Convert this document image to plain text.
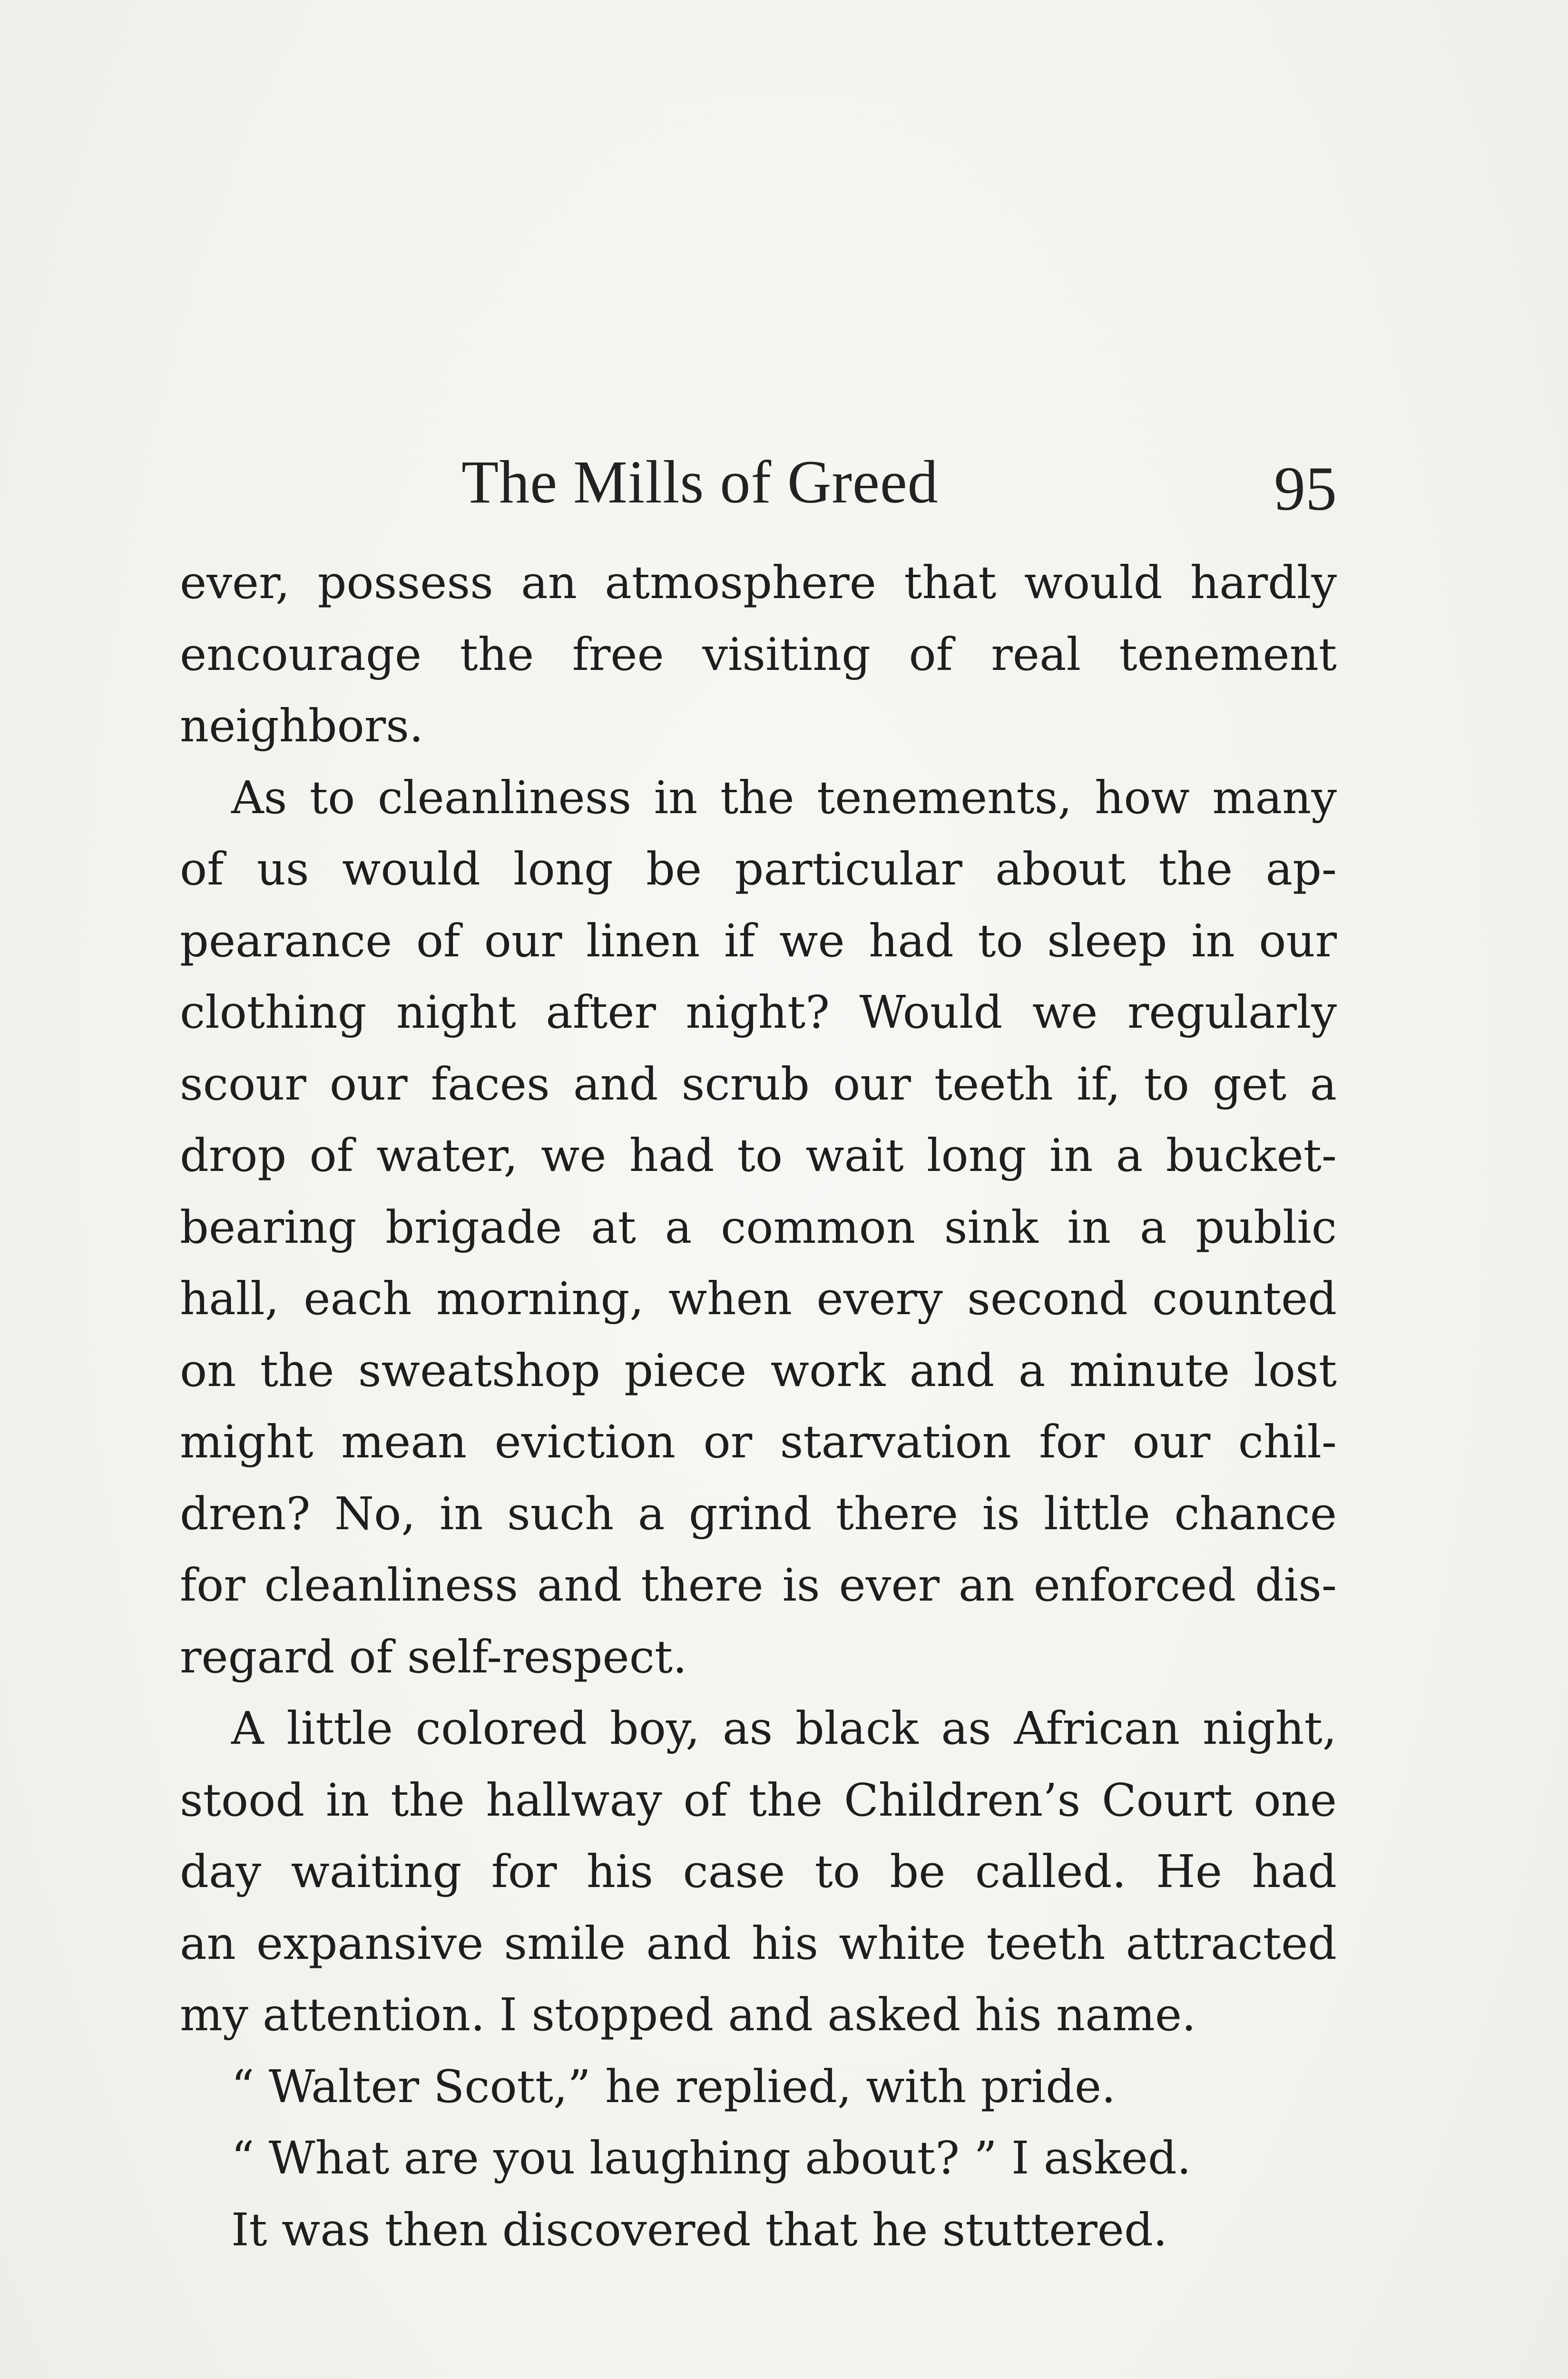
The Mills of Greed	95
ever, possess an atmosphere that would hardly
encourage the free visiting of real tenement
neighbors.
As to cleanliness in the tenements, how many
of us would long be particular about the ap-
pearance of our linen if we had to sleep in our
clothing night after night? Would we regularly
scour our faces and scrub our teeth if, to get a
drop of water, we had to wait long in a bucket-
bearing brigade at a common sink in a public
hall, each morning, when every second counted
on the sweatshop piece work and a minute lost
might mean eviction or starvation for our chil-
dren? No, in such a grind there is little chance
for cleanliness and there is ever an enforced dis-
regard of self-respect.
A little colored boy, as black as African night,
stood in the hallway of the Children’s Court one
day waiting for his case to be called. He had
an expansive smile and his white teeth attracted
my attention. I stopped and asked his name.
“ Walter Scott,” he replied, with pride.
“ What are you laughing about? ” I asked.
It was then discovered that he stuttered.
